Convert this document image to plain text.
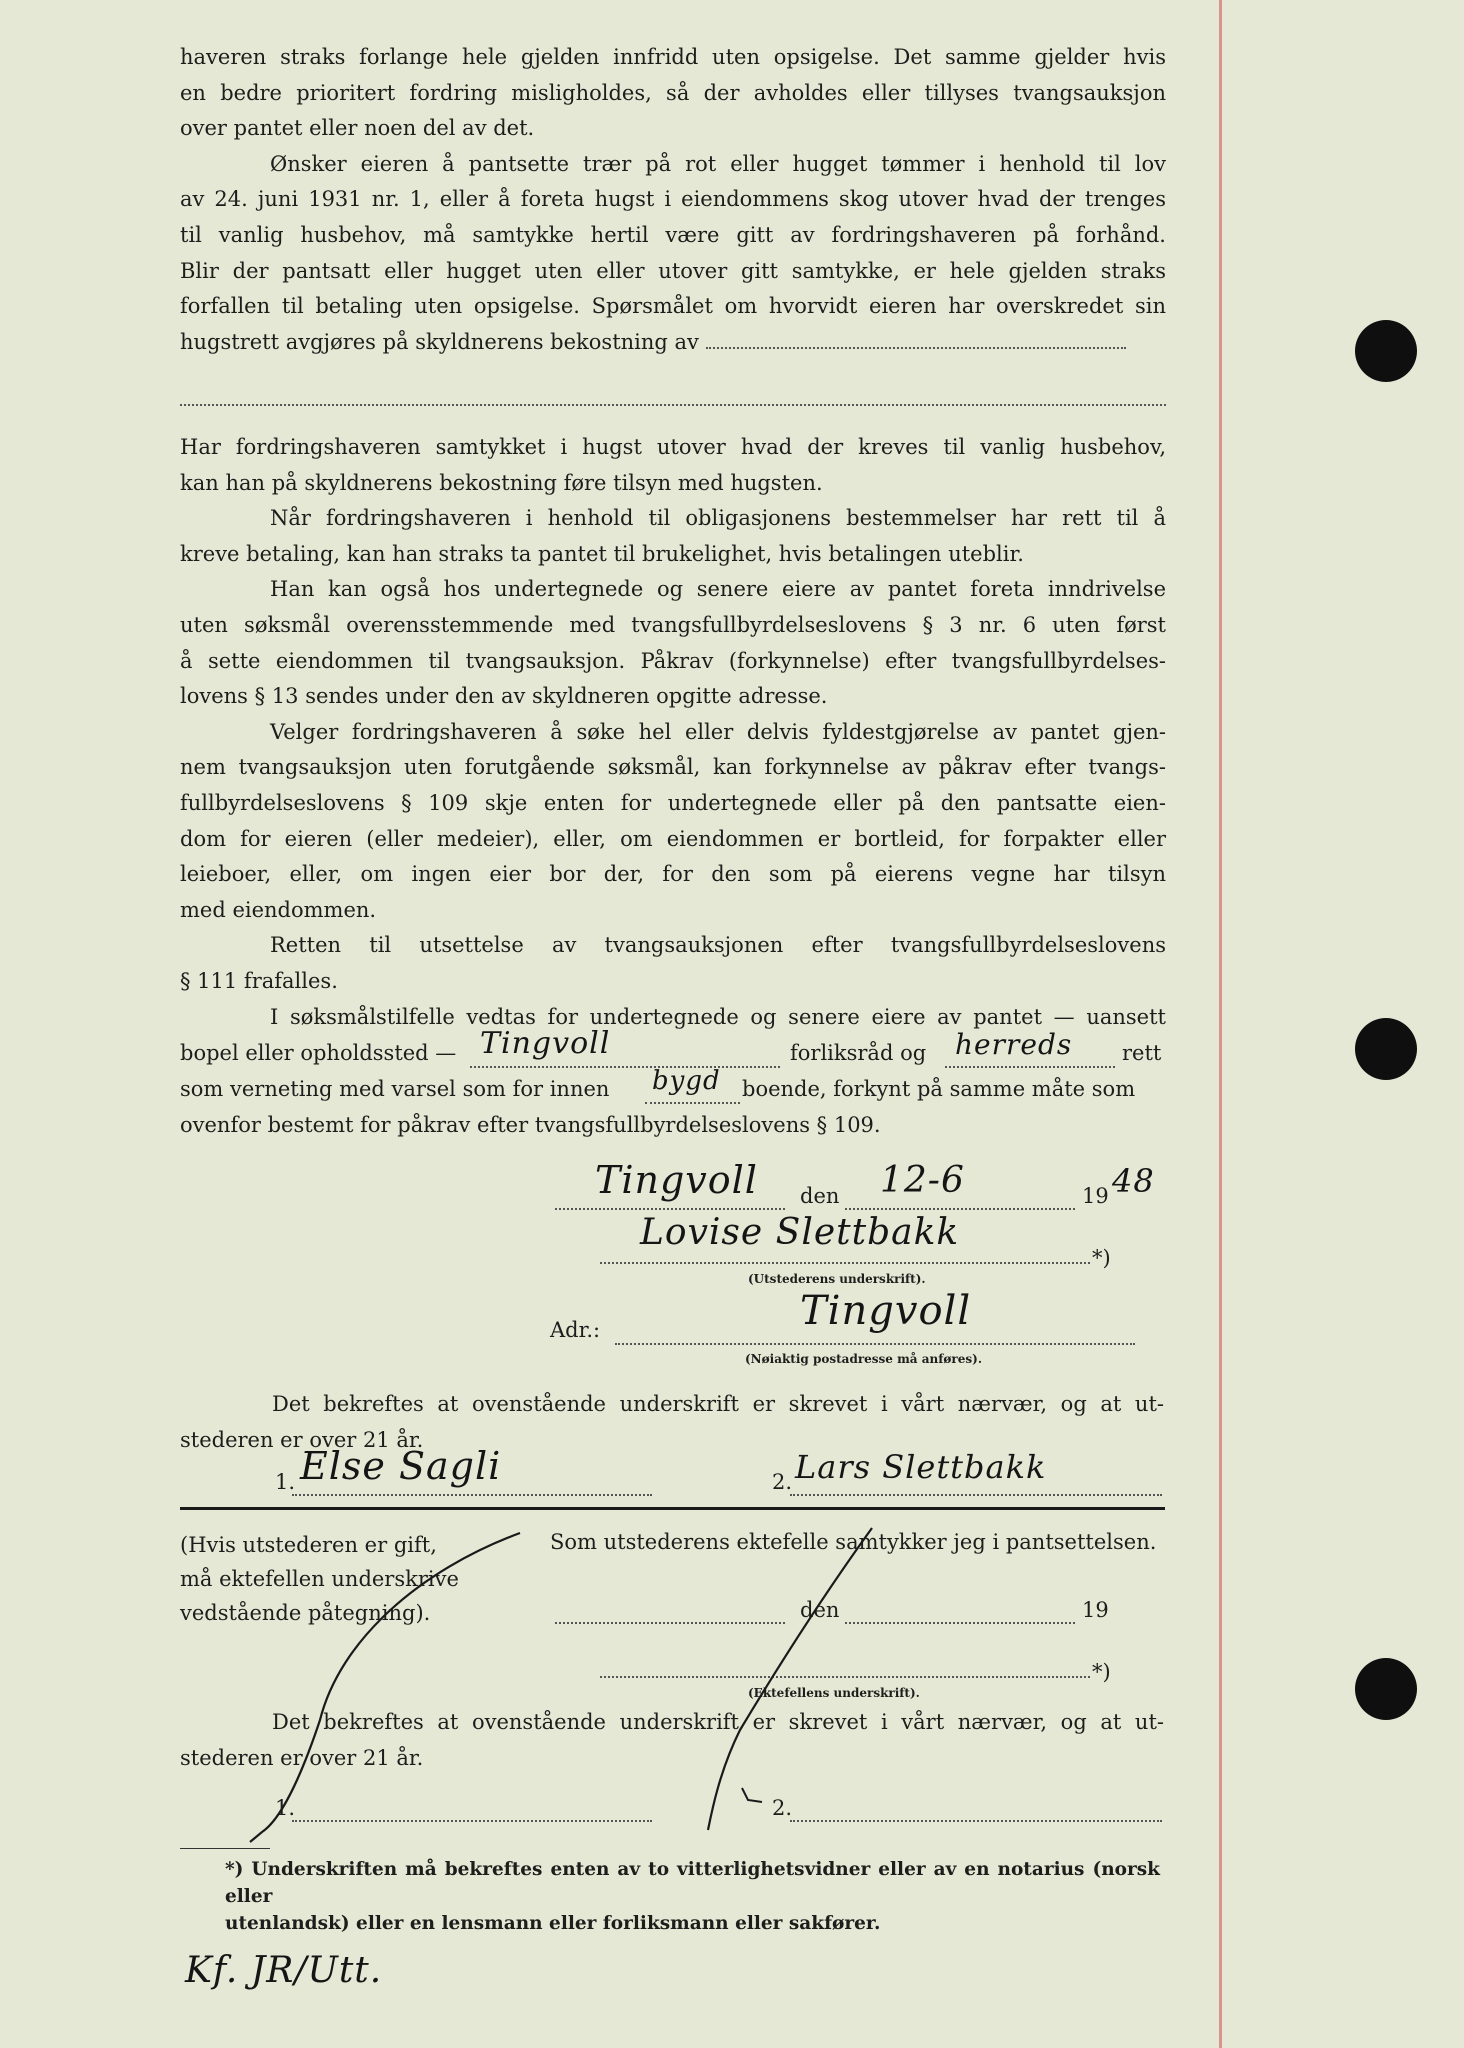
haveren straks forlange hele gjelden innfridd uten opsigelse. Det samme gjelder hvis
en bedre prioritert fordring misligholdes, så der avholdes eller tillyses tvangsauksjon
over pantet eller noen del av det.
Ønsker eieren å pantsette trær på rot eller hugget tømmer i henhold til lov
av 24. juni 1931 nr. 1, eller å foreta hugst i eiendommens skog utover hvad der trenges
til vanlig husbehov, må samtykke hertil være gitt av fordringshaveren på forhånd.
Blir der pantsatt eller hugget uten eller utover gitt samtykke, er hele gjelden straks
forfallen til betaling uten opsigelse. Spørsmålet om hvorvidt eieren har overskredet sin
hugstrett avgjøres på skyldnerens bekostning av
Har fordringshaveren samtykket i hugst utover hvad der kreves til vanlig husbehov,
kan han på skyldnerens bekostning føre tilsyn med hugsten.
Når fordringshaveren i henhold til obligasjonens bestemmelser har rett til å
kreve betaling, kan han straks ta pantet til brukelighet, hvis betalingen uteblir.
Han kan også hos undertegnede og senere eiere av pantet foreta inndrivelse
uten søksmål overensstemmende med tvangsfullbyrdelseslovens § 3 nr. 6 uten først
å sette eiendommen til tvangsauksjon. Påkrav (forkynnelse) efter tvangsfullbyrdelses-
lovens § 13 sendes under den av skyldneren opgitte adresse.
Velger fordringshaveren å søke hel eller delvis fyldestgjørelse av pantet gjen-
nem tvangsauksjon uten forutgående søksmål, kan forkynnelse av påkrav efter tvangs-
fullbyrdelseslovens § 109 skje enten for undertegnede eller på den pantsatte eien-
dom for eieren (eller medeier), eller, om eiendommen er bortleid, for forpakter eller
leieboer, eller, om ingen eier bor der, for den som på eierens vegne har tilsyn
med eiendommen.
Retten til utsettelse av tvangsauksjonen efter tvangsfullbyrdelseslovens
§ 111 frafalles.
I søksmålstilfelle vedtas for undertegnede og senere eiere av pantet — uansett
bopel eller opholdssted — Tingvoll	forliksråd og herreds rett
som verneting med varsel som for innen bygd boende, forkynt på samme måte som
ovenfor bestemt for påkrav efter tvangsfullbyrdelseslovens § 109.
Tingvoll den 12-6	19 48
Lovise Slettbakk
*)
(Utstederens underskrift).
Adr.:	Tingvoll
(Nøiaktig postadresse må anføres).
Det bekreftes at ovenstående underskrift er skrevet i vårt nærvær, og at ut-
stederen er over 21 år.
1. Else Sagli	2. Lars Slettbakk
(Hvis utstederen er gift,
må ektefellen underskrive
vedstående påtegning).
Som utstederens ektefelle samtykker jeg i pantsettelsen.
den	19
*)
(Ektefellens underskrift).
Det bekreftes at ovenstående underskrift er skrevet i vårt nærvær, og at ut-
stederen er over 21 år.
1.	2.
*) Underskriften må bekreftes enten av to vitterlighetsvidner eller av en notarius (norsk eller
utenlandsk) eller en lensmann eller forliksmann eller sakfører.
Kf. JR/Utt.
